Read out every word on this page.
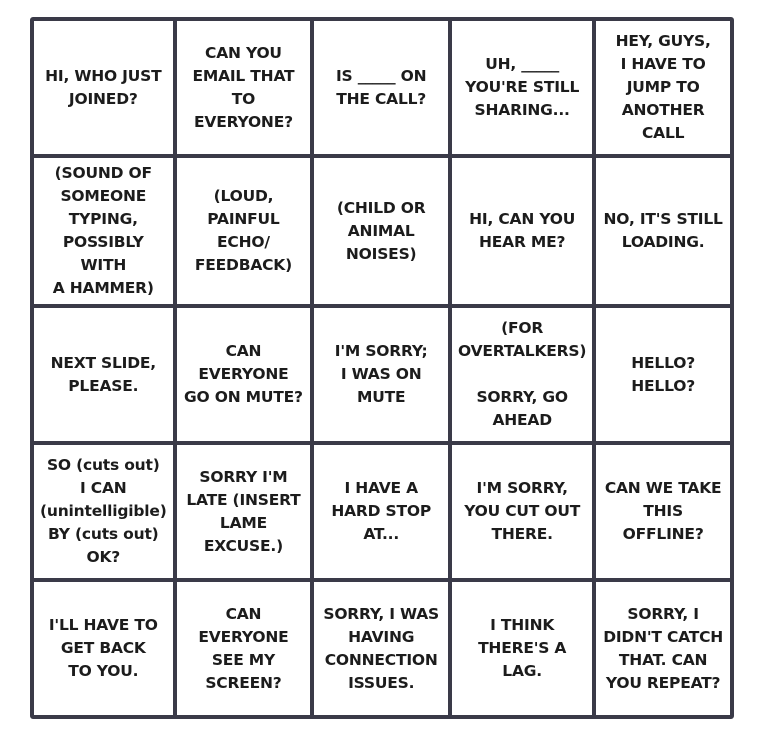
HI, WHO JUST
JOINED?
CAN YOU
EMAIL THAT
TO EVERYONE?
IS _____ ON
THE CALL?
UH, _____
YOU'RE STILL
SHARING...
HEY, GUYS,
I HAVE TO
JUMP TO
ANOTHER CALL
(SOUND OF
SOMEONE
TYPING,
POSSIBLY WITH
A HAMMER)
(LOUD, PAINFUL
ECHO/
FEEDBACK)
(CHILD OR
ANIMAL
NOISES)
HI, CAN YOU
HEAR ME?
NO, IT'S STILL
LOADING.
NEXT SLIDE,
PLEASE.
CAN EVERYONE
GO ON MUTE?
I'M SORRY;
I WAS ON
MUTE
(FOR
OVERTALKERS)

SORRY, GO
AHEAD
HELLO?
HELLO?
SO (cuts out)
I CAN
(unintelligible)
BY (cuts out)
OK?
SORRY I'M
LATE (INSERT
LAME EXCUSE.)
I HAVE A
HARD STOP
AT...
I'M SORRY,
YOU CUT OUT
THERE.
CAN WE TAKE
THIS OFFLINE?
I'LL HAVE TO
GET BACK
TO YOU.
CAN EVERYONE
SEE MY
SCREEN?
SORRY, I WAS
HAVING
CONNECTION
ISSUES.
I THINK
THERE'S A
LAG.
SORRY, I
DIDN'T CATCH
THAT. CAN
YOU REPEAT?
